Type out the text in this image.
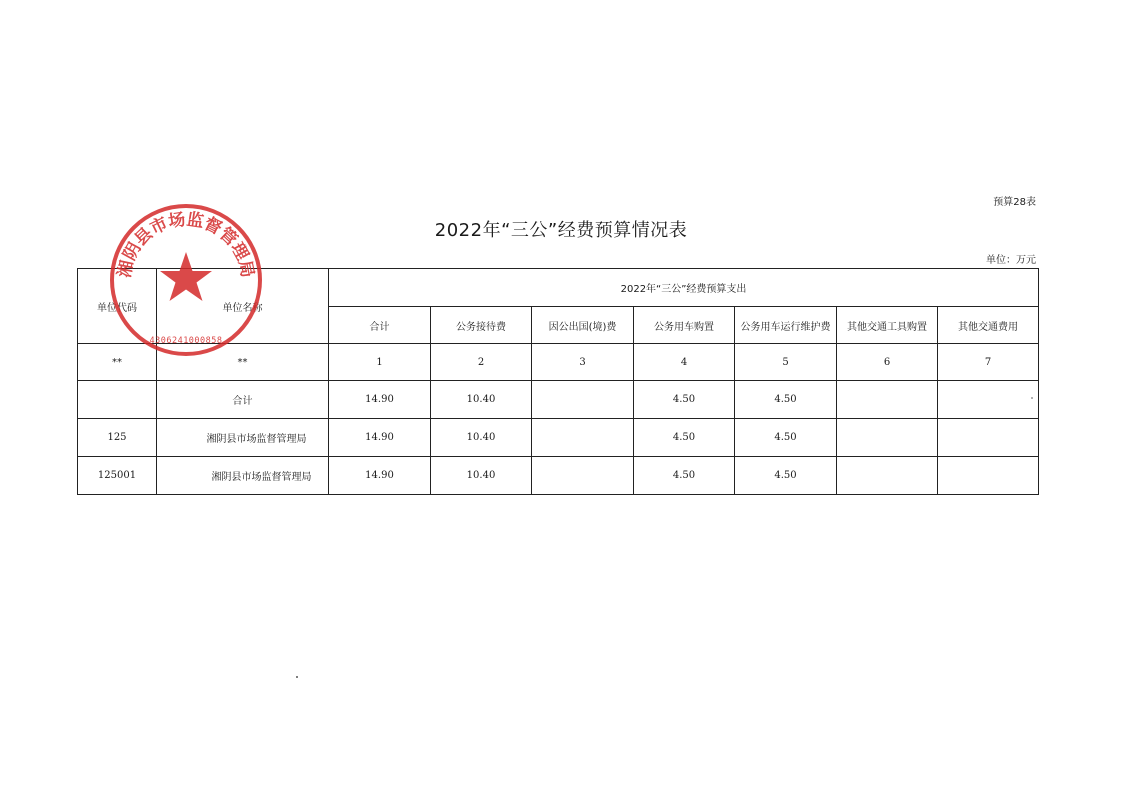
预算28表
2022年“三公”经费预算情况表
单位：万元
单位代码	单位名称	2022年“三公”经费预算支出						
		合计	公务接待费	因公出国(境)费	公务用车购置	公务用车运行维护费	其他交通工具购置	其他交通费用
**	**	1	2	3	4	5	6	7
	合计	14.90	10.40		4.50	4.50		
125	湘阴县市场监督管理局	14.90	10.40		4.50	4.50		
125001	湘阴县市场监督管理局	14.90	10.40		4.50	4.50		
湘阴县市场监督管理局
4306241000858
